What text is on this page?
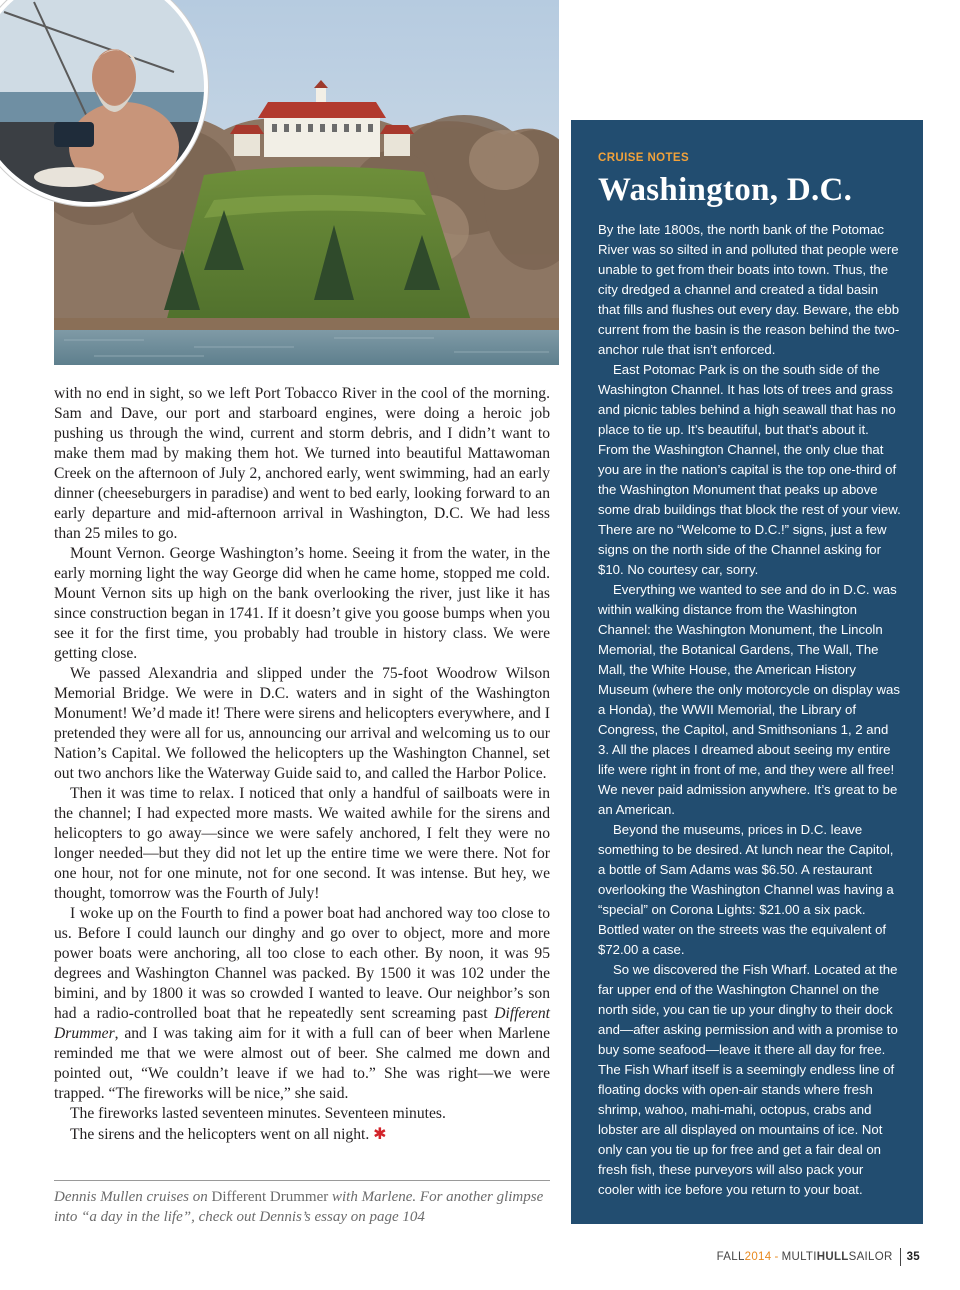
with no end in sight, so we left Port Tobacco River in the cool of the morning. Sam and Dave, our port and starboard engines, were doing a heroic job pushing us through the wind, current and storm debris, and I didn’t want to make them mad by making them hot. We turned into beautiful Mattawoman Creek on the afternoon of July 2, anchored early, went swimming, had an early dinner (cheeseburgers in paradise) and went to bed early, looking forward to an early departure and mid-afternoon arrival in Washington, D.C. We had less than 25 miles to go.

Mount Vernon. George Washington’s home. Seeing it from the water, in the early morning light the way George did when he came home, stopped me cold. Mount Vernon sits up high on the bank overlooking the river, just like it has since construction began in 1741. If it doesn’t give you goose bumps when you see it for the first time, you probably had trouble in history class. We were getting close.

We passed Alexandria and slipped under the 75-foot Woodrow Wilson Memorial Bridge. We were in D.C. waters and in sight of the Washington Monument! We’d made it! There were sirens and helicopters everywhere, and I pretended they were all for us, announcing our arrival and welcoming us to our Nation’s Capital. We followed the helicopters up the Washington Channel, set out two anchors like the Waterway Guide said to, and called the Harbor Police.

Then it was time to relax. I noticed that only a handful of sailboats were in the channel; I had expected more masts. We waited awhile for the sirens and helicopters to go away—since we were safely anchored, I felt they were no longer needed—but they did not let up the entire time we were there. Not for one hour, not for one minute, not for one second. It was intense. But hey, we thought, tomorrow was the Fourth of July!

I woke up on the Fourth to find a power boat had anchored way too close to us. Before I could launch our dinghy and go over to object, more and more power boats were anchoring, all too close to each other. By noon, it was 95 degrees and Washington Channel was packed. By 1500 it was 102 under the bimini, and by 1800 it was so crowded I wanted to leave. Our neighbor’s son had a radio-controlled boat that he repeatedly sent screaming past Different Drummer, and I was taking aim for it with a full can of beer when Marlene reminded me that we were almost out of beer. She calmed me down and pointed out, “We couldn’t leave if we had to.” She was right—we were trapped. “The fireworks will be nice,” she said.

The fireworks lasted seventeen minutes. Seventeen minutes.

The sirens and the helicopters went on all night. ✱

Dennis Mullen cruises on Different Drummer with Marlene. For another glimpse into “a day in the life”, check out Dennis’s essay on page 104

CRUISE NOTES

Washington, D.C.

By the late 1800s, the north bank of the Potomac River was so silted in and polluted that people were unable to get from their boats into town. Thus, the city dredged a channel and created a tidal basin that fills and flushes out every day. Beware, the ebb current from the basin is the reason behind the two-anchor rule that isn’t enforced.

East Potomac Park is on the south side of the Washington Channel. It has lots of trees and grass and picnic tables behind a high seawall that has no place to tie up. It’s beautiful, but that’s about it. From the Washington Channel, the only clue that you are in the nation’s capital is the top one-third of the Washington Monument that peaks up above some drab buildings that block the rest of your view. There are no “Welcome to D.C.!” signs, just a few signs on the north side of the Channel asking for $10. No courtesy car, sorry.

Everything we wanted to see and do in D.C. was within walking distance from the Washington Channel: the Washington Monument, the Lincoln Memorial, the Botanical Gardens, The Wall, The Mall, the White House, the American History Museum (where the only motorcycle on display was a Honda), the WWII Memorial, the Library of Congress, the Capitol, and Smithsonians 1, 2 and 3. All the places I dreamed about seeing my entire life were right in front of me, and they were all free! We never paid admission anywhere. It’s great to be an American.

Beyond the museums, prices in D.C. leave something to be desired. At lunch near the Capitol, a bottle of Sam Adams was $6.50. A restaurant overlooking the Washington Channel was having a “special” on Corona Lights: $21.00 a six pack. Bottled water on the streets was the equivalent of $72.00 a case.

So we discovered the Fish Wharf. Located at the far upper end of the Washington Channel on the north side, you can tie up your dinghy to their dock and—after asking permission and with a promise to buy some seafood—leave it there all day for free. The Fish Wharf itself is a seemingly endless line of floating docks with open-air stands where fresh shrimp, wahoo, mahi-mahi, octopus, crabs and lobster are all displayed on mountains of ice. Not only can you tie up for free and get a fair deal on fresh fish, these purveyors will also pack your cooler with ice before you return to your boat.

FALL 2014 - MULTI HULL SAILOR 35
